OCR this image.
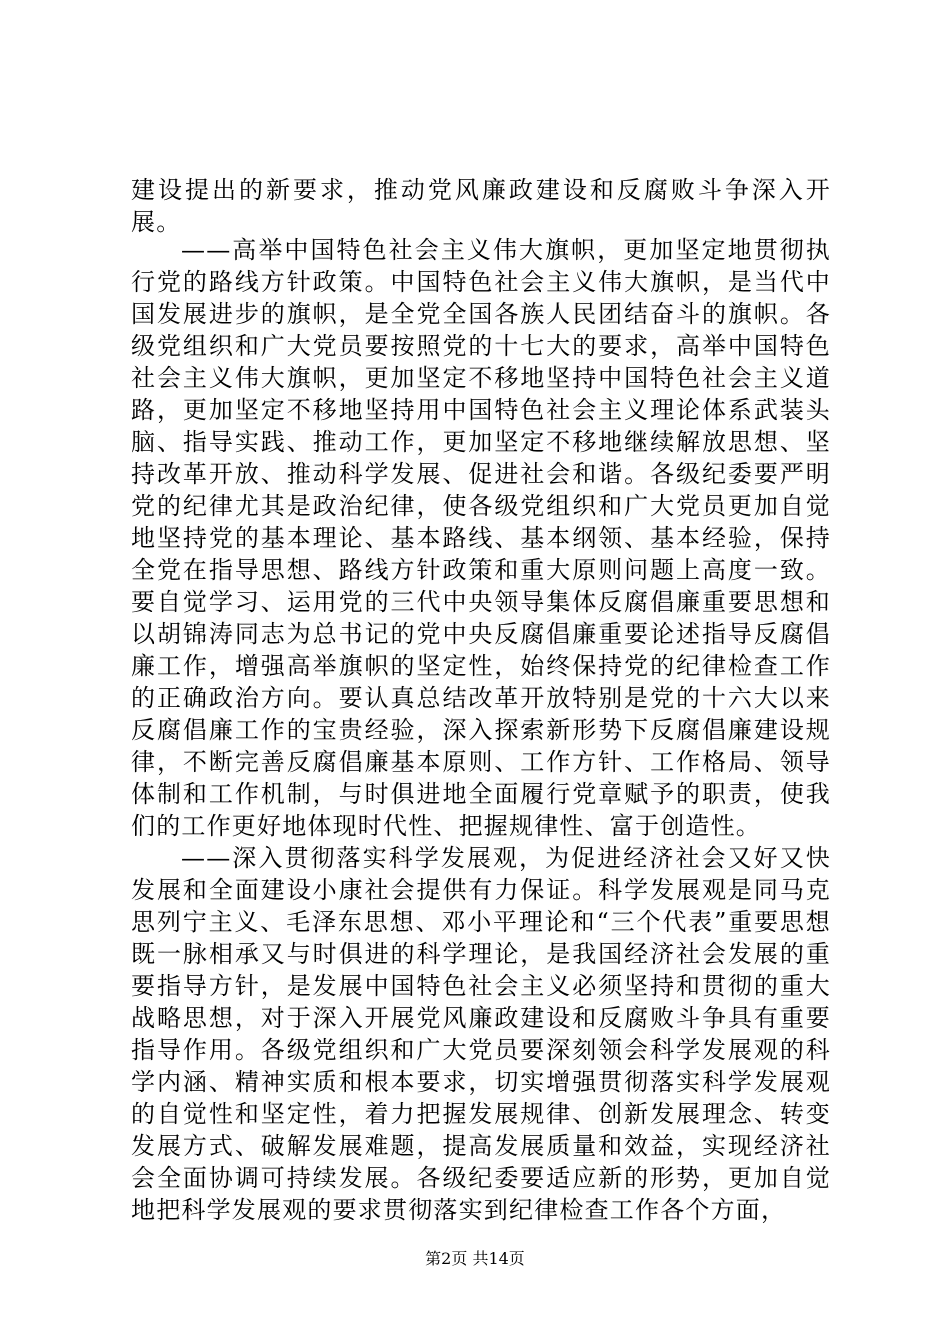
建设提出的新要求，推动党风廉政建设和反腐败斗争深入开展。

——高举中国特色社会主义伟大旗帜，更加坚定地贯彻执行党的路线方针政策。中国特色社会主义伟大旗帜，是当代中国发展进步的旗帜，是全党全国各族人民团结奋斗的旗帜。各级党组织和广大党员要按照党的十七大的要求，高举中国特色社会主义伟大旗帜，更加坚定不移地坚持中国特色社会主义道路，更加坚定不移地坚持用中国特色社会主义理论体系武装头脑、指导实践、推动工作，更加坚定不移地继续解放思想、坚持改革开放、推动科学发展、促进社会和谐。各级纪委要严明党的纪律尤其是政治纪律，使各级党组织和广大党员更加自觉地坚持党的基本理论、基本路线、基本纲领、基本经验，保持全党在指导思想、路线方针政策和重大原则问题上高度一致。要自觉学习、运用党的三代中央领导集体反腐倡廉重要思想和以胡锦涛同志为总书记的党中央反腐倡廉重要论述指导反腐倡廉工作，增强高举旗帜的坚定性，始终保持党的纪律检查工作的正确政治方向。要认真总结改革开放特别是党的十六大以来反腐倡廉工作的宝贵经验，深入探索新形势下反腐倡廉建设规律，不断完善反腐倡廉基本原则、工作方针、工作格局、领导体制和工作机制，与时俱进地全面履行党章赋予的职责，使我们的工作更好地体现时代性、把握规律性、富于创造性。

——深入贯彻落实科学发展观，为促进经济社会又好又快发展和全面建设小康社会提供有力保证。科学发展观是同马克思列宁主义、毛泽东思想、邓小平理论和“三个代表”重要思想既一脉相承又与时俱进的科学理论，是我国经济社会发展的重要指导方针，是发展中国特色社会主义必须坚持和贯彻的重大战略思想，对于深入开展党风廉政建设和反腐败斗争具有重要指导作用。各级党组织和广大党员要深刻领会科学发展观的科学内涵、精神实质和根本要求，切实增强贯彻落实科学发展观的自觉性和坚定性，着力把握发展规律、创新发展理念、转变发展方式、破解发展难题，提高发展质量和效益，实现经济社会全面协调可持续发展。各级纪委要适应新的形势，更加自觉地把科学发展观的要求贯彻落实到纪律检查工作各个方面，

第2页 共14页
